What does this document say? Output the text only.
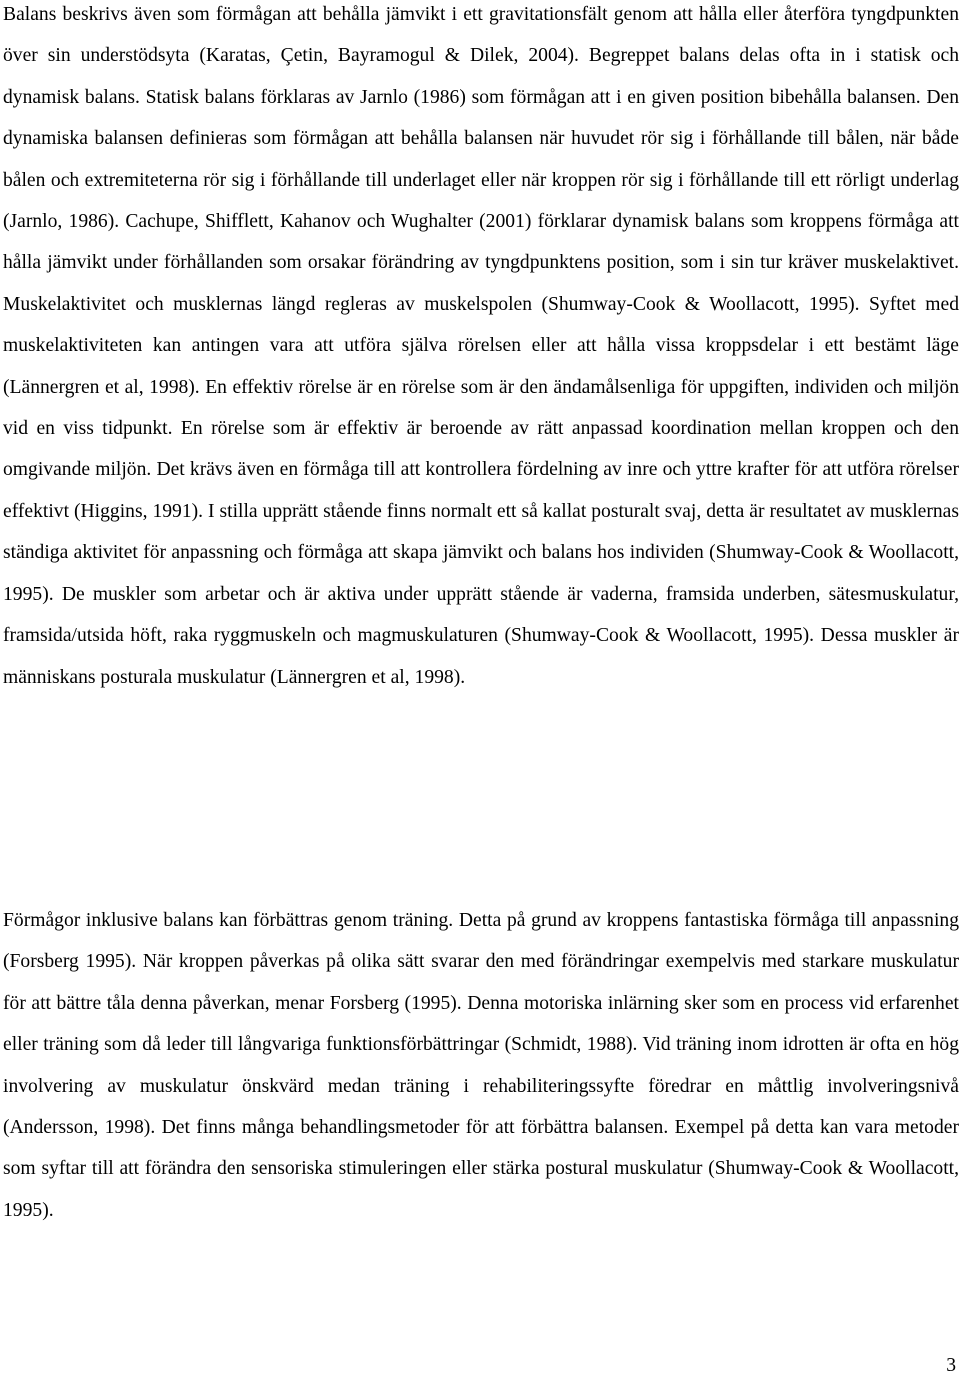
Balans beskrivs även som förmågan att behålla jämvikt i ett gravitationsfält genom att hålla eller återföra tyngdpunkten över sin understödsyta (Karatas, Çetin, Bayramogul & Dilek, 2004). Begreppet balans delas ofta in i statisk och dynamisk balans. Statisk balans förklaras av Jarnlo (1986) som förmågan att i en given position bibehålla balansen. Den dynamiska balansen definieras som förmågan att behålla balansen när huvudet rör sig i förhållande till bålen, när både bålen och extremiteterna rör sig i förhållande till underlaget eller när kroppen rör sig i förhållande till ett rörligt underlag (Jarnlo, 1986). Cachupe, Shifflett, Kahanov och Wughalter (2001) förklarar dynamisk balans som kroppens förmåga att hålla jämvikt under förhållanden som orsakar förändring av tyngdpunktens position, som i sin tur kräver muskelaktivet. Muskelaktivitet och musklernas längd regleras av muskelspolen (Shumway-Cook & Woollacott, 1995). Syftet med muskelaktiviteten kan antingen vara att utföra själva rörelsen eller att hålla vissa kroppsdelar i ett bestämt läge (Lännergren et al, 1998). En effektiv rörelse är en rörelse som är den ändamålsenliga för uppgiften, individen och miljön vid en viss tidpunkt. En rörelse som är effektiv är beroende av rätt anpassad koordination mellan kroppen och den omgivande miljön. Det krävs även en förmåga till att kontrollera fördelning av inre och yttre krafter för att utföra rörelser effektivt (Higgins, 1991). I stilla upprätt stående finns normalt ett så kallat posturalt svaj, detta är resultatet av musklernas ständiga aktivitet för anpassning och förmåga att skapa jämvikt och balans hos individen (Shumway-Cook & Woollacott, 1995). De muskler som arbetar och är aktiva under upprätt stående är vaderna, framsida underben, sätesmuskulatur, framsida/utsida höft, raka ryggmuskeln och magmuskulaturen (Shumway-Cook & Woollacott, 1995). Dessa muskler är människans posturala muskulatur (Lännergren et al, 1998).

Förmågor inklusive balans kan förbättras genom träning. Detta på grund av kroppens fantastiska förmåga till anpassning (Forsberg 1995). När kroppen påverkas på olika sätt svarar den med förändringar exempelvis med starkare muskulatur för att bättre tåla denna påverkan, menar Forsberg (1995). Denna motoriska inlärning sker som en process vid erfarenhet eller träning som då leder till långvariga funktionsförbättringar (Schmidt, 1988). Vid träning inom idrotten är ofta en hög involvering av muskulatur önskvärd medan träning i rehabiliteringssyfte föredrar en måttlig involveringsnivå (Andersson, 1998). Det finns många behandlingsmetoder för att förbättra balansen. Exempel på detta kan vara metoder som syftar till att förändra den sensoriska stimuleringen eller stärka postural muskulatur (Shumway-Cook & Woollacott, 1995).

3
